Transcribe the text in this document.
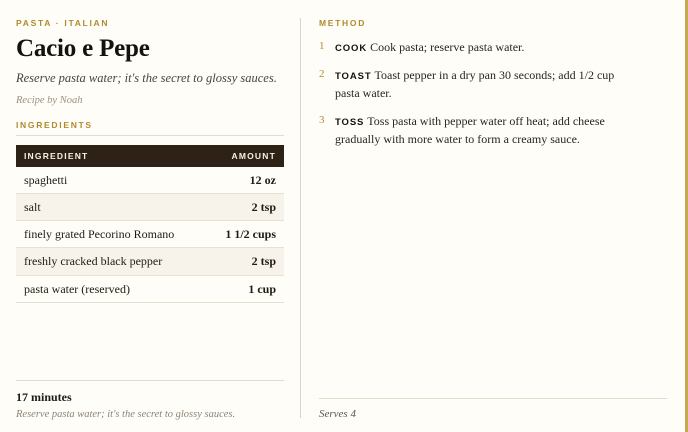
PASTA · ITALIAN
Cacio e Pepe
Reserve pasta water; it's the secret to glossy sauces.
Recipe by Noah
INGREDIENTS
INGREDIENT	AMOUNT
spaghetti	12 oz
salt	2 tsp
finely grated Pecorino Romano	1 1/2 cups
freshly cracked black pepper	2 tsp
pasta water (reserved)	1 cup
17 minutes
Reserve pasta water; it's the secret to glossy sauces.
METHOD
1	COOK Cook pasta; reserve pasta water.
2	TOAST Toast pepper in a dry pan 30 seconds; add 1/2 cup pasta water.
3	TOSS Toss pasta with pepper water off heat; add cheese gradually with more water to form a creamy sauce.
Serves 4
